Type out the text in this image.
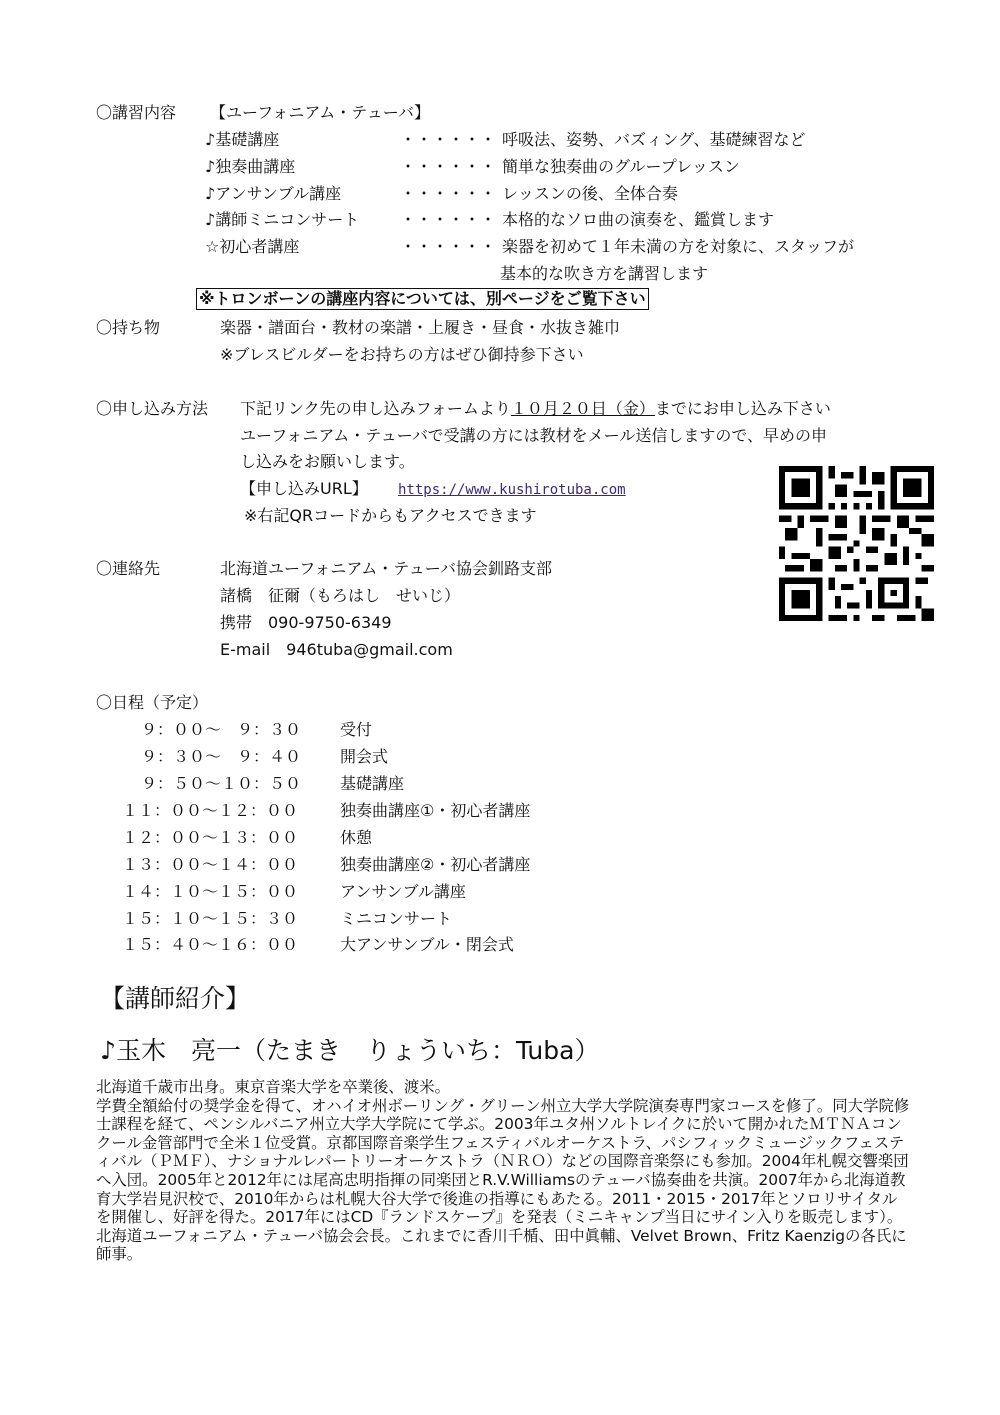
〇講習内容 【ユーフォニアム・テューバ】
♪基礎講座	・・・・・・ 呼吸法、姿勢、バズィング、基礎練習など
♪独奏曲講座	・・・・・・ 簡単な独奏曲のグループレッスン
♪アンサンブル講座	・・・・・・ レッスンの後、全体合奏
♪講師ミニコンサート	・・・・・・ 本格的なソロ曲の演奏を、鑑賞します
☆初心者講座	・・・・・・ 楽器を初めて１年未満の方を対象に、スタッフが
基本的な吹き方を講習します
※トロンボーンの講座内容については、別ページをご覧下さい
〇持ち物	楽器・譜面台・教材の楽譜・上履き・昼食・水抜き雑巾
※ブレスビルダーをお持ちの方はぜひ御持参下さい
〇申し込み方法 下記リンク先の申し込みフォームより１０月２０日（金）までにお申し込み下さい
ユーフォニアム・テューバで受講の方には教材をメール送信しますので、早めの申
し込みをお願いします。
【申し込みURL】 https://www.kushirotuba.com
※右記QRコードからもアクセスできます
〇連絡先	北海道ユーフォニアム・テューバ協会釧路支部
諸橋　征爾（もろはし　せいじ）
携帯　090-9750-6349
E-mail　946tuba@gmail.com
〇日程（予定）
９：００～　９：３０ 受付
９：３０～　９：４０ 開会式
９：５０～１０：５０ 基礎講座
１１：００～１２：００	独奏曲講座①・初心者講座
１２：００～１３：００	休憩
１３：００～１４：００	独奏曲講座②・初心者講座
１４：１０～１５：００	アンサンブル講座
１５：１０～１５：３０	ミニコンサート
１５：４０～１６：００	大アンサンブル・閉会式
【講師紹介】
♪玉木　亮一（たまき　りょういち：Tuba）
北海道千歳市出身。東京音楽大学を卒業後、渡米。
学費全額給付の奨学金を得て、オハイオ州ボーリング・グリーン州立大学大学院演奏専門家コースを修了。同大学院修士課程を経て、ペンシルバニア州立大学大学院にて学ぶ。2003年ユタ州ソルトレイクに於いて開かれたＭＴＮＡコンクール金管部門で全米１位受賞。京都国際音楽学生フェスティバルオーケストラ、パシフィックミュージックフェスティバル（ＰＭＦ）、ナショナルレパートリーオーケストラ（ＮＲＯ）などの国際音楽祭にも参加。2004年札幌交響楽団へ入団。2005年と2012年には尾高忠明指揮の同楽団とR.V.Williamsのテューバ協奏曲を共演。2007年から北海道教育大学岩見沢校で、2010年からは札幌大谷大学で後進の指導にもあたる。2011・2015・2017年とソロリサイタルを開催し、好評を得た。2017年にはCD『ランドスケープ』を発表（ミニキャンプ当日にサイン入りを販売します）。北海道ユーフォニアム・テューバ協会会長。これまでに香川千楯、田中眞輔、Velvet Brown、Fritz Kaenzigの各氏に師事。
